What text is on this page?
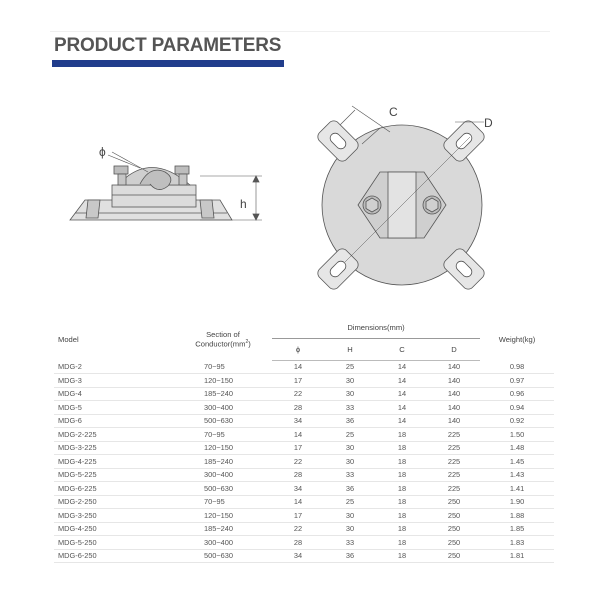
PRODUCT PARAMETERS
ϕ
h
C
D
Model	Section of
$Conductor(mm^2)$	Dimensions(mm)				Weight(kg)
		ϕ	H	C	D	
MDG-2	70~95	14	25	14	140	0.98
MDG-3	120~150	17	30	14	140	0.97
MDG-4	185~240	22	30	14	140	0.96
MDG-5	300~400	28	33	14	140	0.94
MDG-6	500~630	34	36	14	140	0.92
MDG-2-225	70~95	14	25	18	225	1.50
MDG-3-225	120~150	17	30	18	225	1.48
MDG-4-225	185~240	22	30	18	225	1.45
MDG-5-225	300~400	28	33	18	225	1.43
MDG-6-225	500~630	34	36	18	225	1.41
MDG-2-250	70~95	14	25	18	250	1.90
MDG-3-250	120~150	17	30	18	250	1.88
MDG-4-250	185~240	22	30	18	250	1.85
MDG-5-250	300~400	28	33	18	250	1.83
MDG-6-250	500~630	34	36	18	250	1.81
